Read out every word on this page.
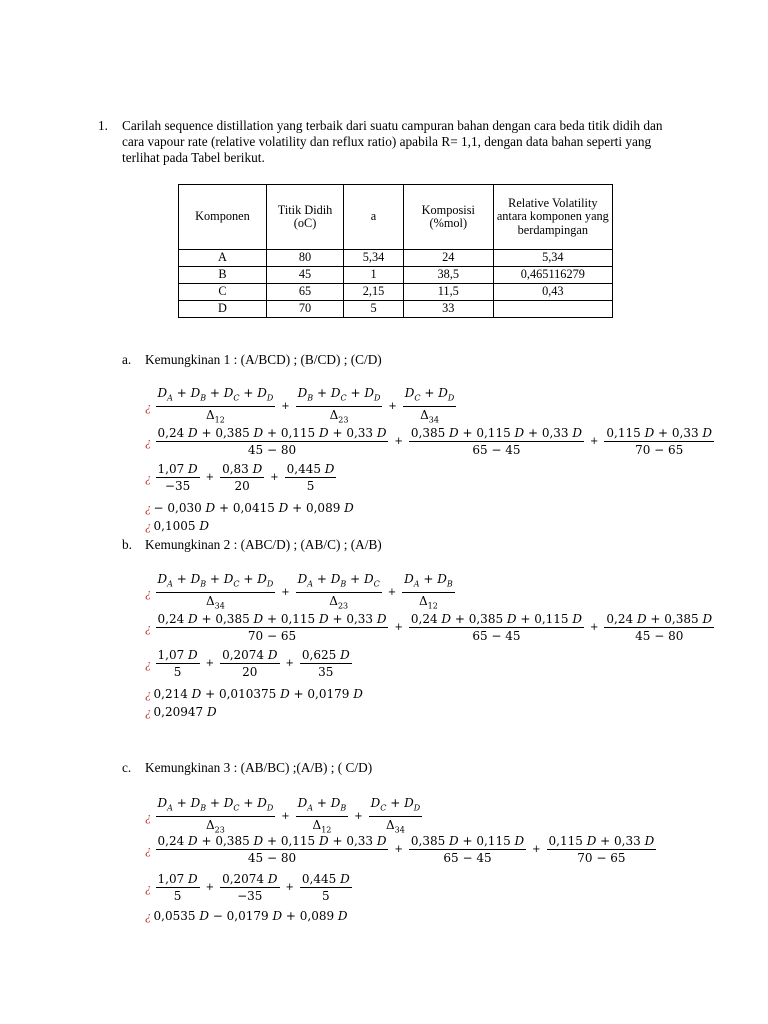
1. Carilah sequence distillation yang terbaik dari suatu campuran bahan dengan cara beda titik didih dan
cara vapour rate (relative volatility dan reflux ratio) apabila R= 1,1, dengan data bahan seperti yang
terlihat pada Tabel berikut.
Komponen	Titik Didih (oC)	a	Komposisi (%mol)	Relative Volatility antara komponen yang berdampingan
A	80	5,34	24	5,34
B	45	1	38,5	0,465116279
C	65	2,15	11,5	0,43
D	70	5	33	
a. Kemungkinan 1 : (A/BCD) ; (B/CD) ; (C/D)
¿ $\frac{D_A + D_B + D_C + D_D}{\Delta_{12}} + \frac{D_B + D_C + D_D}{\Delta_{23}} + \frac{D_C + D_D}{\Delta_{34}}$
¿ $\frac{0,24 D + 0,385 D + 0,115 D + 0,33 D}{45 - 80} + \frac{0,385 D + 0,115 D + 0,33 D}{65 - 45} + \frac{0,115 D + 0,33 D}{70 - 65}$
¿ $\frac{1,07 D}{-35} + \frac{0,83 D}{20} + \frac{0,445 D}{5}$
¿ − 0,030 D + 0,0415 D + 0,089 D
¿ 0,1005 D
b. Kemungkinan 2 : (ABC/D) ; (AB/C) ; (A/B)
¿ $\frac{D_A + D_B + D_C + D_D}{\Delta_{34}} + \frac{D_A + D_B + D_C}{\Delta_{23}} + \frac{D_A + D_B}{\Delta_{12}}$
¿ $\frac{0,24 D + 0,385 D + 0,115 D + 0,33 D}{70 - 65} + \frac{0,24 D + 0,385 D + 0,115 D}{65 - 45} + \frac{0,24 D + 0,385 D}{45 - 80}$
¿ $\frac{1,07 D}{5} + \frac{0,2074 D}{20} + \frac{0,625 D}{35}$
¿ 0,214 D + 0,010375 D + 0,0179 D
¿ 0,20947 D
c. Kemungkinan 3 : (AB/BC) ;(A/B) ; ( C/D)
¿ $\frac{D_A + D_B + D_C + D_D}{\Delta_{23}} + \frac{D_A + D_B}{\Delta_{12}} + \frac{D_C + D_D}{\Delta_{34}}$
¿ $\frac{0,24 D + 0,385 D + 0,115 D + 0,33 D}{45 - 80} + \frac{0,385 D + 0,115 D}{65 - 45} + \frac{0,115 D + 0,33 D}{70 - 65}$
¿ $\frac{1,07 D}{5} + \frac{0,2074 D}{-35} + \frac{0,445 D}{5}$
¿ 0,0535 D − 0,0179 D + 0,089 D
